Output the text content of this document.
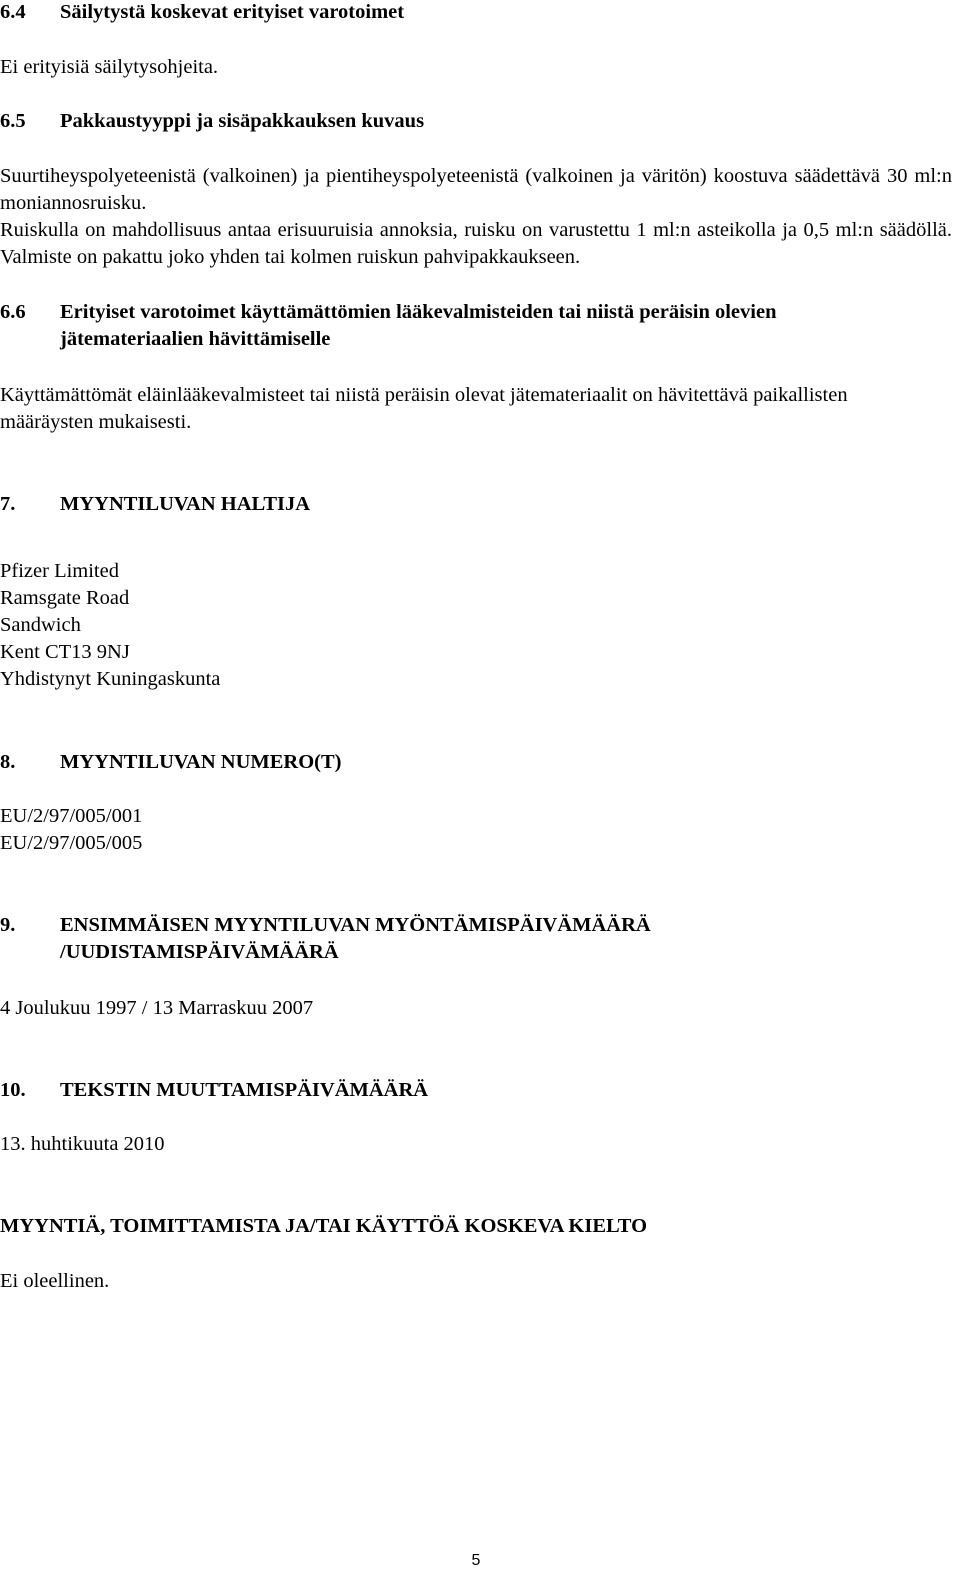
6.4 Säilytystä koskevat erityiset varotoimet
Ei erityisiä säilytysohjeita.
6.5 Pakkaustyyppi ja sisäpakkauksen kuvaus

Suurtiheyspolyeteenistä (valkoinen) ja pientiheyspolyeteenistä (valkoinen ja väritön) koostuva säädettävä 30 ml:n moniannosruisku.

Ruiskulla on mahdollisuus antaa erisuuruisia annoksia, ruisku on varustettu 1 ml:n asteikolla ja 0,5 ml:n säädöllä. Valmiste on pakattu joko yhden tai kolmen ruiskun pahvipakkaukseen.

6.6 Erityiset varotoimet käyttämättömien lääkevalmisteiden tai niistä peräisin olevien
jätemateriaalien hävittämiselle

Käyttämättömät eläinlääkevalmisteet tai niistä peräisin olevat jätemateriaalit on hävitettävä paikallisten määräysten mukaisesti.

7. MYYNTILUVAN HALTIJA
Pfizer Limited
Ramsgate Road
Sandwich
Kent CT13 9NJ
Yhdistynyt Kuningaskunta
8. MYYNTILUVAN NUMERO(T)
EU/2/97/005/001
EU/2/97/005/005
9. ENSIMMÄISEN MYYNTILUVAN MYÖNTÄMISPÄIVÄMÄÄRÄ
/UUDISTAMISPÄIVÄMÄÄRÄ
4 Joulukuu 1997 / 13 Marraskuu 2007
10. TEKSTIN MUUTTAMISPÄIVÄMÄÄRÄ
13. huhtikuuta 2010
MYYNTIÄ, TOIMITTAMISTA JA/TAI KÄYTTÖÄ KOSKEVA KIELTO
Ei oleellinen.
5
